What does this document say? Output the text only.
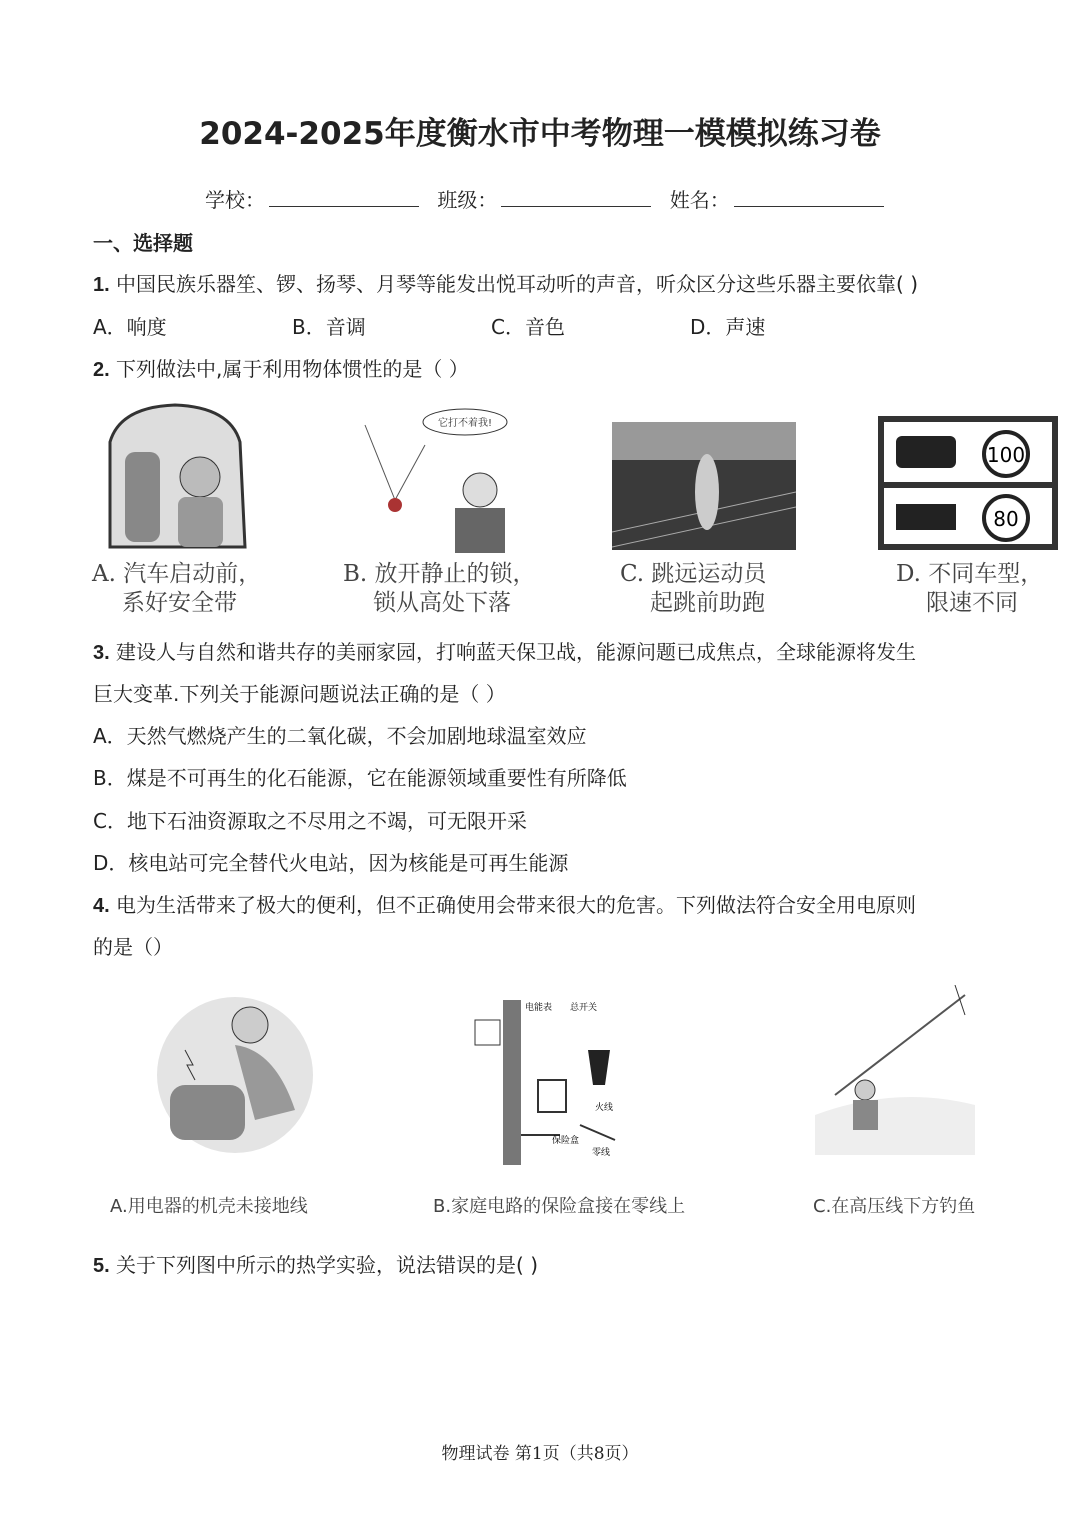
2024-2025年度衡水市中考物理一模模拟练习卷
学校：	班级：	姓名：
一、选择题
1. 中国民族乐器笙、锣、扬琴、月琴等能发出悦耳动听的声音，听众区分这些乐器主要依靠( )
A．响度	B．音调	C．音色	D．声速
2. 下列做法中,属于利用物体惯性的是（ ）
它打不着我!
100
80
A. 汽车启动前，
系好安全带
B. 放开静止的锁，
锁从高处下落
C. 跳远运动员
起跳前助跑
D. 不同车型，
限速不同
3. 建设人与自然和谐共存的美丽家园，打响蓝天保卫战，能源问题已成焦点，全球能源将发生
巨大变革.下列关于能源问题说法正确的是（ ）
A．天然气燃烧产生的二氧化碳，不会加剧地球温室效应
B．煤是不可再生的化石能源，它在能源领域重要性有所降低
C．地下石油资源取之不尽用之不竭，可无限开采
D．核电站可完全替代火电站，因为核能是可再生能源
4. 电为生活带来了极大的便利，但不正确使用会带来很大的危害。下列做法符合安全用电原则
的是（）
电能表 总开关
火线
保险盒
零线
A.用电器的机壳未接地线	B.家庭电路的保险盒接在零线上	C.在高压线下方钓鱼
5. 关于下列图中所示的热学实验，说法错误的是( )
物理试卷 第1页（共8页）
